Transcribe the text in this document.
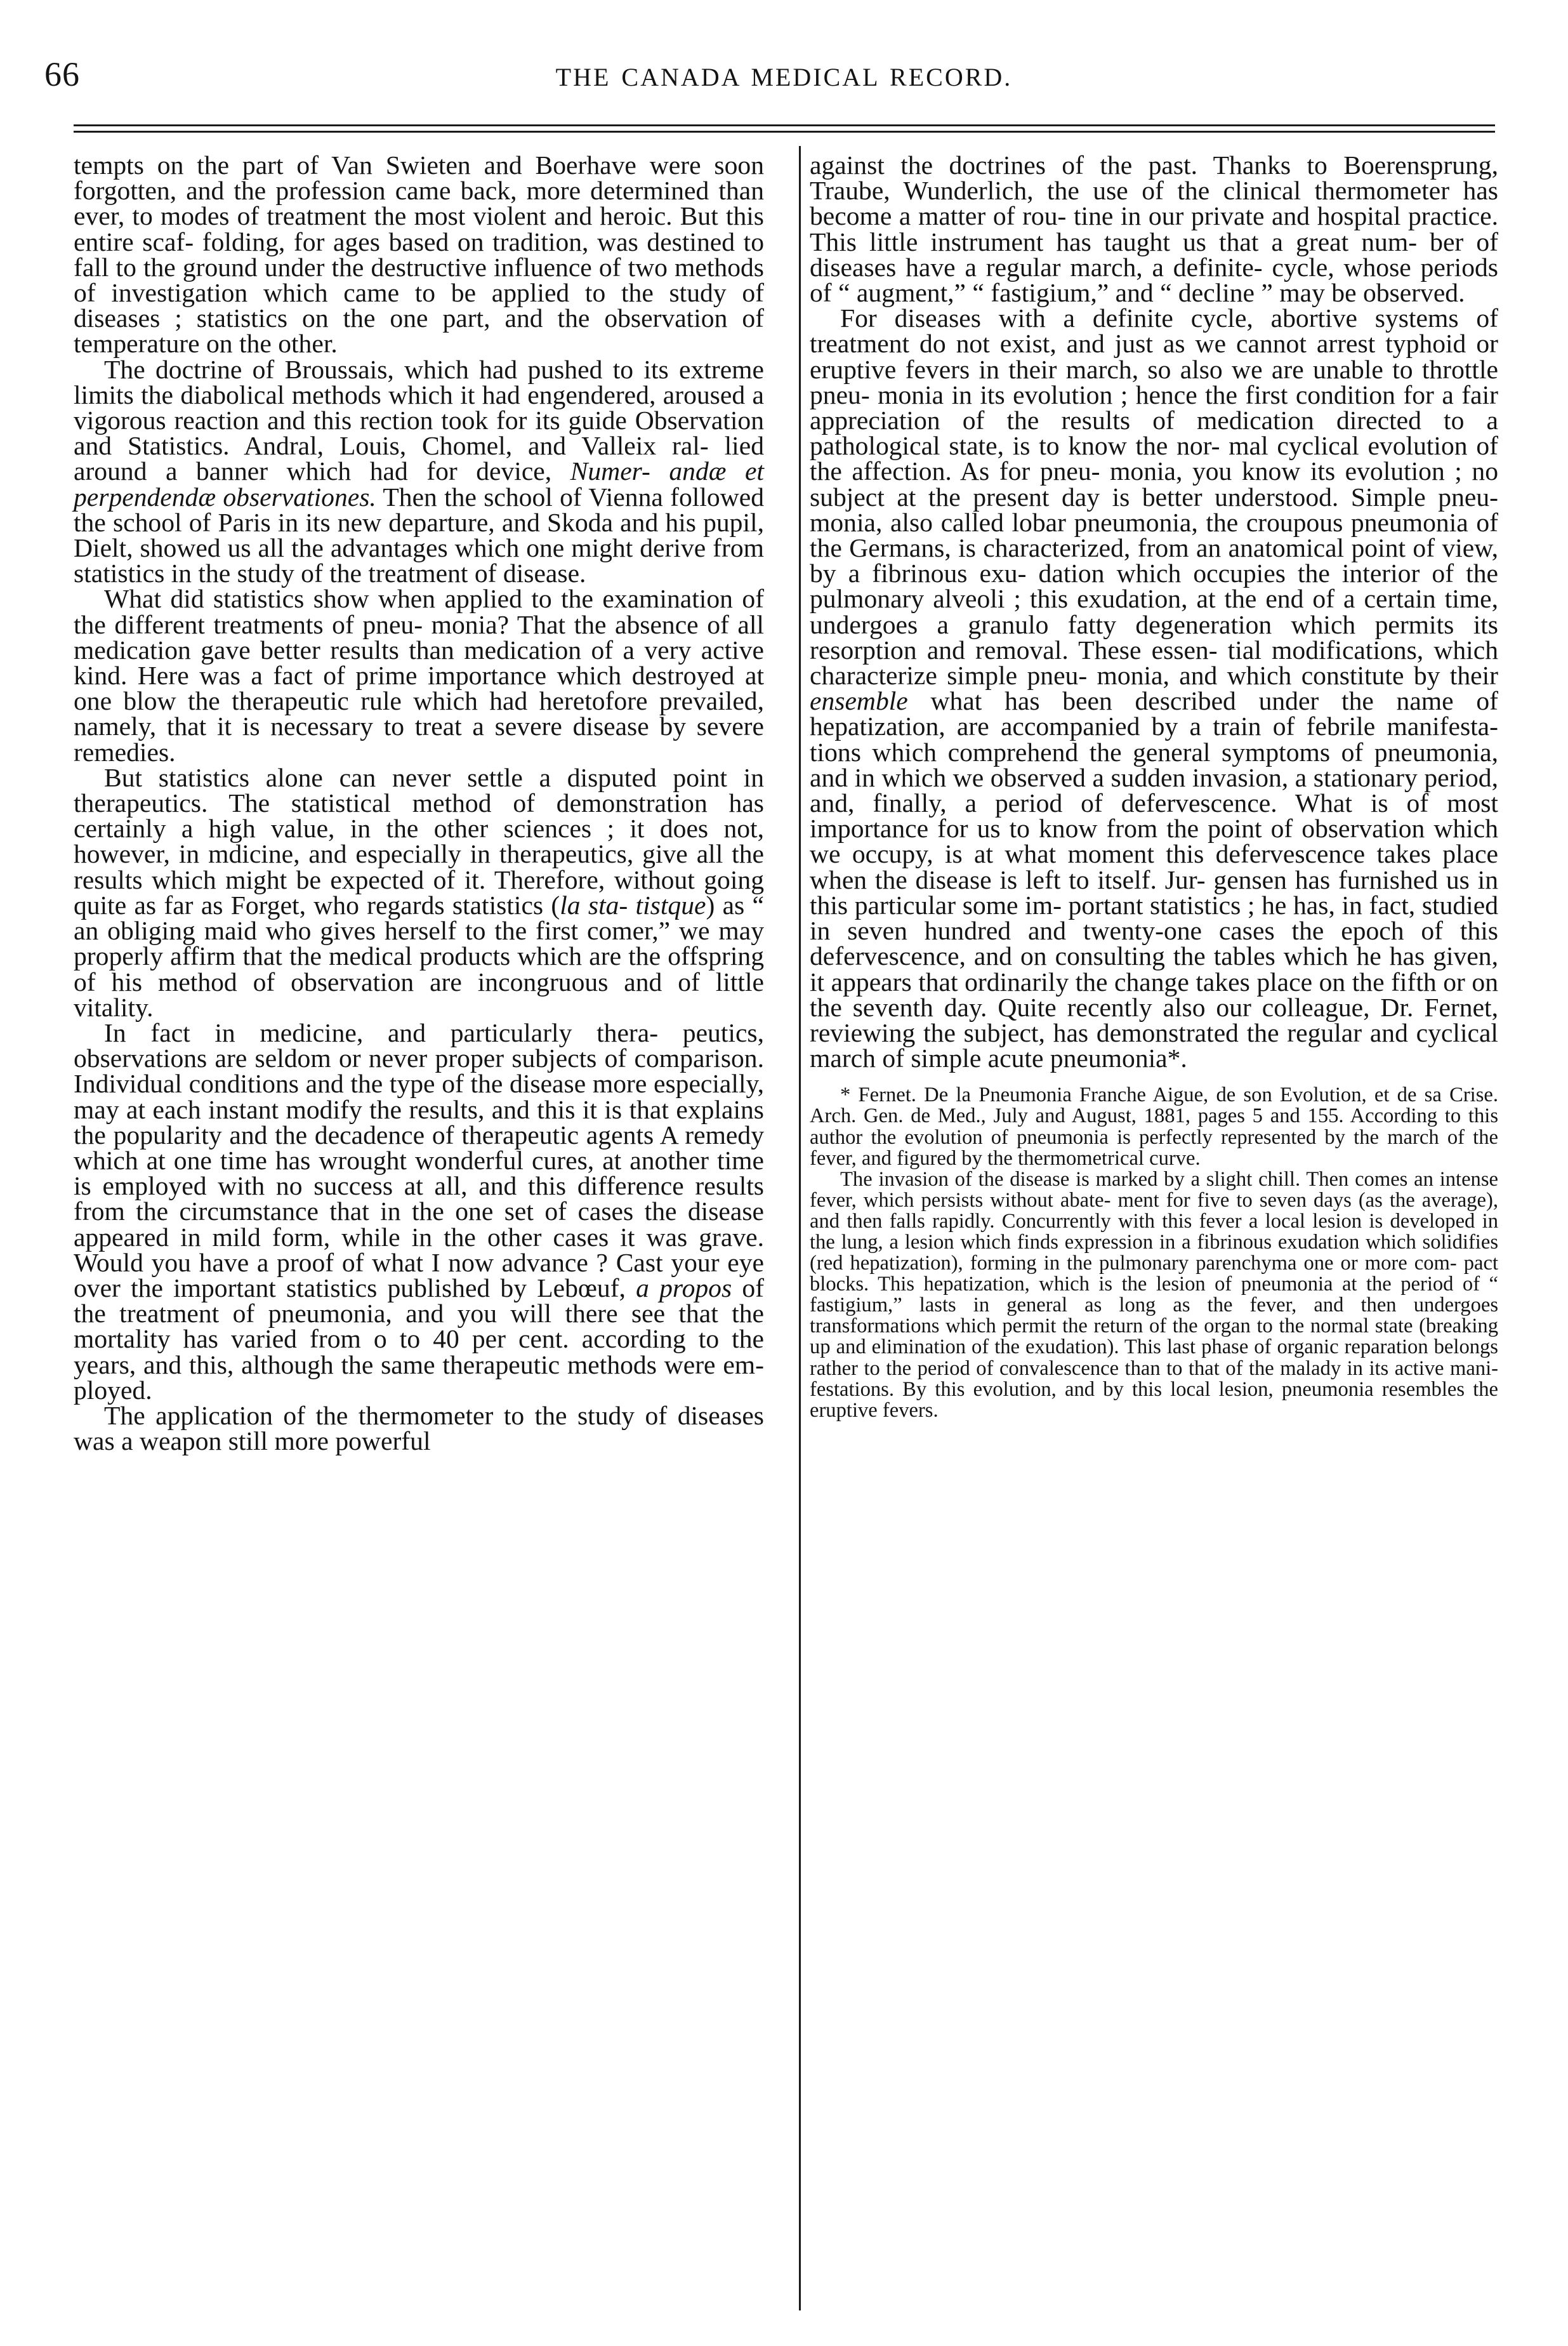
66	THE CANADA MEDICAL RECORD.

tempts on the part of Van Swieten and Boerhave were soon forgotten, and the profession came back, more determined than ever, to modes of treatment the most violent and heroic. But this entire scaf- folding, for ages based on tradition, was destined to fall to the ground under the destructive influence of two methods of investigation which came to be applied to the study of diseases ; statistics on the one part, and the observation of temperature on the other.

The doctrine of Broussais, which had pushed to its extreme limits the diabolical methods which it had engendered, aroused a vigorous reaction and this rection took for its guide Observation and Statistics. Andral, Louis, Chomel, and Valleix ral- lied around a banner which had for device, Numer- andæ et perpendendæ observationes. Then the school of Vienna followed the school of Paris in its new departure, and Skoda and his pupil, Dielt, showed us all the advantages which one might derive from statistics in the study of the treatment of disease.

What did statistics show when applied to the examination of the different treatments of pneu- monia? That the absence of all medication gave better results than medication of a very active kind. Here was a fact of prime importance which destroyed at one blow the therapeutic rule which had heretofore prevailed, namely, that it is necessary to treat a severe disease by severe remedies.

But statistics alone can never settle a disputed point in therapeutics. The statistical method of demonstration has certainly a high value, in the other sciences ; it does not, however, in mdicine, and especially in therapeutics, give all the results which might be expected of it. Therefore, without going quite as far as Forget, who regards statistics (la sta- tistque) as “ an obliging maid who gives herself to the first comer,” we may properly affirm that the medical products which are the offspring of his method of observation are incongruous and of little vitality.

In fact in medicine, and particularly thera- peutics, observations are seldom or never proper subjects of comparison. Individual conditions and the type of the disease more especially, may at each instant modify the results, and this it is that explains the popularity and the decadence of therapeutic agents A remedy which at one time has wrought wonderful cures, at another time is employed with no success at all, and this difference results from the circumstance that in the one set of cases the disease appeared in mild form, while in the other cases it was grave. Would you have a proof of what I now advance ? Cast your eye over the important statistics published by Lebœuf, a propos of the treatment of pneumonia, and you will there see that the mortality has varied from o to 40 per cent. according to the years, and this, although the same therapeutic methods were em- ployed.

The application of the thermometer to the study of diseases was a weapon still more powerful

against the doctrines of the past. Thanks to Boerensprung, Traube, Wunderlich, the use of the clinical thermometer has become a matter of rou- tine in our private and hospital practice. This little instrument has taught us that a great num- ber of diseases have a regular march, a definite- cycle, whose periods of “ augment,” “ fastigium,” and “ decline ” may be observed.

For diseases with a definite cycle, abortive systems of treatment do not exist, and just as we cannot arrest typhoid or eruptive fevers in their march, so also we are unable to throttle pneu- monia in its evolution ; hence the first condition for a fair appreciation of the results of medication directed to a pathological state, is to know the nor- mal cyclical evolution of the affection. As for pneu- monia, you know its evolution ; no subject at the present day is better understood. Simple pneu- monia, also called lobar pneumonia, the croupous pneumonia of the Germans, is characterized, from an anatomical point of view, by a fibrinous exu- dation which occupies the interior of the pulmonary alveoli ; this exudation, at the end of a certain time, undergoes a granulo fatty degeneration which permits its resorption and removal. These essen- tial modifications, which characterize simple pneu- monia, and which constitute by their ensemble what has been described under the name of hepatization, are accompanied by a train of febrile manifesta- tions which comprehend the general symptoms of pneumonia, and in which we observed a sudden invasion, a stationary period, and, finally, a period of defervescence. What is of most importance for us to know from the point of observation which we occupy, is at what moment this defervescence takes place when the disease is left to itself. Jur- gensen has furnished us in this particular some im- portant statistics ; he has, in fact, studied in seven hundred and twenty-one cases the epoch of this defervescence, and on consulting the tables which he has given, it appears that ordinarily the change takes place on the fifth or on the seventh day. Quite recently also our colleague, Dr. Fernet, reviewing the subject, has demonstrated the regular and cyclical march of simple acute pneumonia*.

* Fernet. De la Pneumonia Franche Aigue, de son Evolution, et de sa Crise. Arch. Gen. de Med., July and August, 1881, pages 5 and 155. According to this author the evolution of pneumonia is perfectly represented by the march of the fever, and figured by the thermometrical curve.

The invasion of the disease is marked by a slight chill. Then comes an intense fever, which persists without abate- ment for five to seven days (as the average), and then falls rapidly. Concurrently with this fever a local lesion is developed in the lung, a lesion which finds expression in a fibrinous exudation which solidifies (red hepatization), forming in the pulmonary parenchyma one or more com- pact blocks. This hepatization, which is the lesion of pneumonia at the period of “ fastigium,” lasts in general as long as the fever, and then undergoes transformations which permit the return of the organ to the normal state (breaking up and elimination of the exudation). This last phase of organic reparation belongs rather to the period of convalescence than to that of the malady in its active mani- festations. By this evolution, and by this local lesion, pneumonia resembles the eruptive fevers.
